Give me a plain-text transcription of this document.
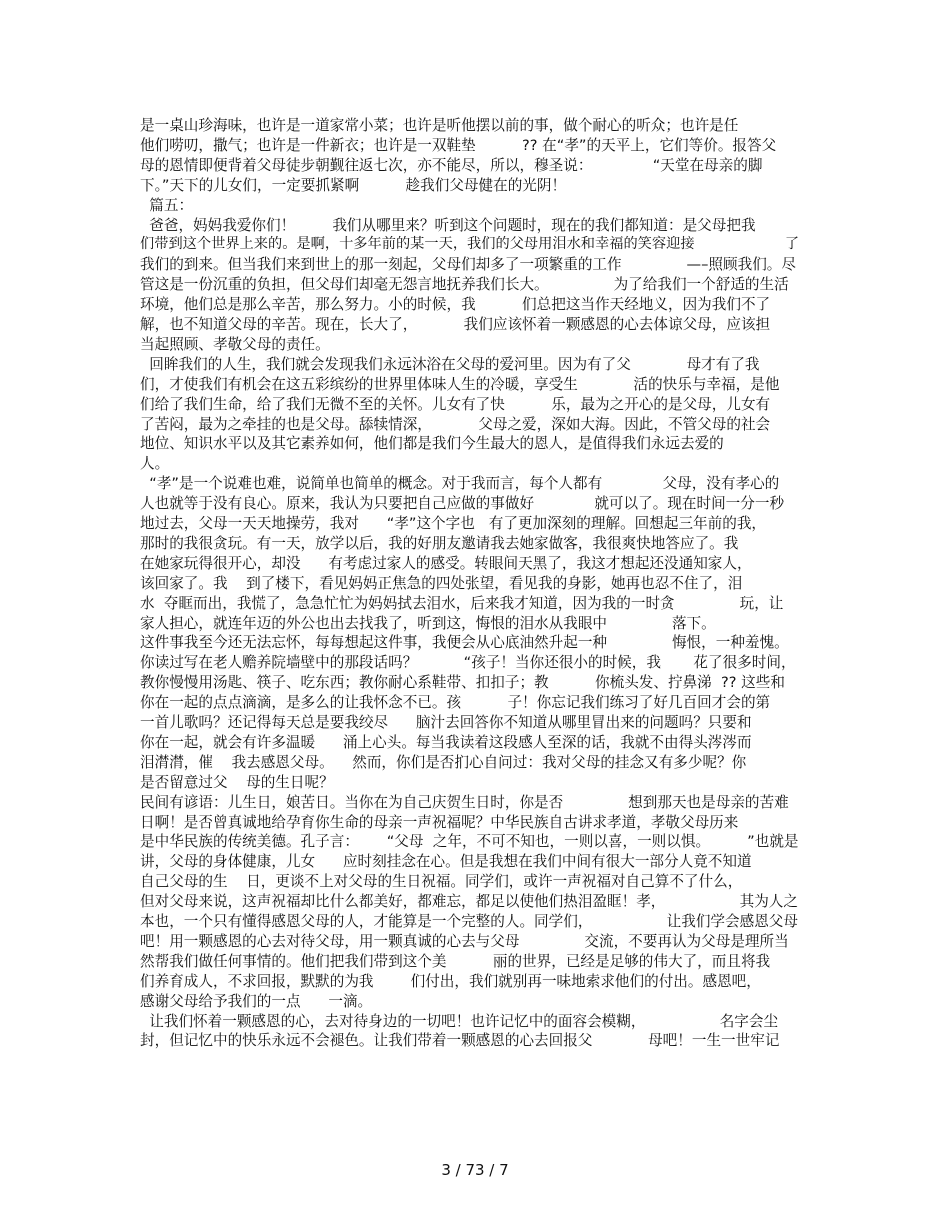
是一桌山珍海味，也许是一道家常小菜；也许是听他摆以前的事，做个耐心的听众；也许是任
他们唠叨，撒气；也许是一件新衣；也许是一双鞋垫          ?? 在“孝”的天平上，它们等价。报答父
母的恩情即便背着父母徒步朝觐往返七次，亦不能尽，所以，穆圣说：             “天堂在母亲的脚
下。”天下的儿女们，一定要抓紧啊          趁我们父母健在的光阴！
篇五：
爸爸，妈妈我爱你们！        我们从哪里来？听到这个问题时，现在的我们都知道：是父母把我
们带到这个世界上来的。是啊，十多年前的某一天，我们的父母用泪水和幸福的笑容迎接                    了
我们的到来。但当我们来到世上的那一刻起，父母们却多了一项繁重的工作              —–照顾我们。尽
管这是一份沉重的负担，但父母们却毫无怨言地抚养我们长大。              为了给我们一个舒适的生活
环境，他们总是那么辛苦，那么努力。小的时候，我          们总把这当作天经地义，因为我们不了
解，也不知道父母的辛苦。现在，长大了，          我们应该怀着一颗感恩的心去体谅父母，应该担
当起照顾、孝敬父母的责任。
回眸我们的人生，我们就会发现我们永远沐浴在父母的爱河里。因为有了父            母才有了我
们，才使我们有机会在这五彩缤纷的世界里体味人生的冷暖，享受生            活的快乐与幸福，是他
们给了我们生命，给了我们无微不至的关怀。儿女有了快          乐，最为之开心的是父母，儿女有
了苦闷，最为之牵挂的也是父母。舔犊情深，          父母之爱，深如大海。因此，不管父母的社会
地位、知识水平以及其它素养如何，他们都是我们今生最大的恩人，是值得我们永远去爱的
人。
“孝”是一个说难也难，说简单也简单的概念。对于我而言，每个人都有             父母，没有孝心的
人也就等于没有良心。原来，我认为只要把自己应做的事做好             就可以了。现在时间一分一秒
地过去，父母一天天地操劳，我对      “孝”这个字也   有了更加深刻的理解。回想起三年前的我，
那时的我很贪玩。有一天，放学以后，我的好朋友邀请我去她家做客，我很爽快地答应了。我
在她家玩得很开心，却没      有考虑过家人的感受。转眼间天黑了，我这才想起还没通知家人，
该回家了。我    到了楼下，看见妈妈正焦急的四处张望，看见我的身影，她再也忍不住了，泪
水  夺眶而出，我慌了，急急忙忙为妈妈拭去泪水，后来我才知道，因为我的一时贪              玩，让
家人担心，就连年迈的外公也出去找我了，听到这，悔恨的泪水从我眼中              落下。
这件事我至今还无法忘怀，每每想起这件事，我便会从心底油然升起一种              悔恨，一种羞愧。
你读过写在老人赡养院墙壁中的那段话吗？          “孩子！当你还很小的时候，我       花了很多时间，
教你慢慢用汤匙、筷子、吃东西；教你耐心系鞋带、扣扣子；教          你梳头发、拧鼻涕  ?? 这些和
你在一起的点点滴滴，是多么的让我怀念不已。孩          子！你忘记我们练习了好几百回才会的第
一首儿歌吗？还记得每天总是要我绞尽      脑汁去回答你不知道从哪里冒出来的问题吗？只要和
你在一起，就会有许多温暖      涌上心头。每当我读着这段感人至深的话，我就不由得头涔涔而
泪潸潸，催    我去感恩父母。    然而，你们是否扪心自问过：我对父母的挂念又有多少呢？你
是否留意过父    母的生日呢？
民间有谚语：儿生日，娘苦日。当你在为自己庆贺生日时，你是否              想到那天也是母亲的苦难
日啊！是否曾真诚地给孕育你生命的母亲一声祝福呢？中华民族自古讲求孝道，孝敬父母历来
是中华民族的传统美德。孔子言：      “父母  之年，不可不知也，一则以喜，一则以惧。        ”也就是
讲，父母的身体健康，儿女      应时刻挂念在心。但是我想在我们中间有很大一部分人竟不知道
自己父母的生    日，更谈不上对父母的生日祝福。同学们，或许一声祝福对自己算不了什么，
但对父母来说，这声祝福却比什么都美好，都难忘，都足以使他们热泪盈眶！孝，                其为人之
本也，一个只有懂得感恩父母的人，才能算是一个完整的人。同学们，                让我们学会感恩父母
吧！用一颗感恩的心去对待父母，用一颗真诚的心去与父母              交流，不要再认为父母是理所当
然帮我们做任何事情的。他们把我们带到这个美          丽的世界，已经是足够的伟大了，而且将我
们养育成人，不求回报，默默的为我        们付出，我们就别再一味地索求他们的付出。感恩吧，
感谢父母给予我们的一点      一滴。
让我们怀着一颗感恩的心，去对待身边的一切吧！也许记忆中的面容会模糊，                名字会尘
封，但记忆中的快乐永远不会褪色。让我们带着一颗感恩的心去回报父            母吧！一生一世牢记
3 / 73 / 7
